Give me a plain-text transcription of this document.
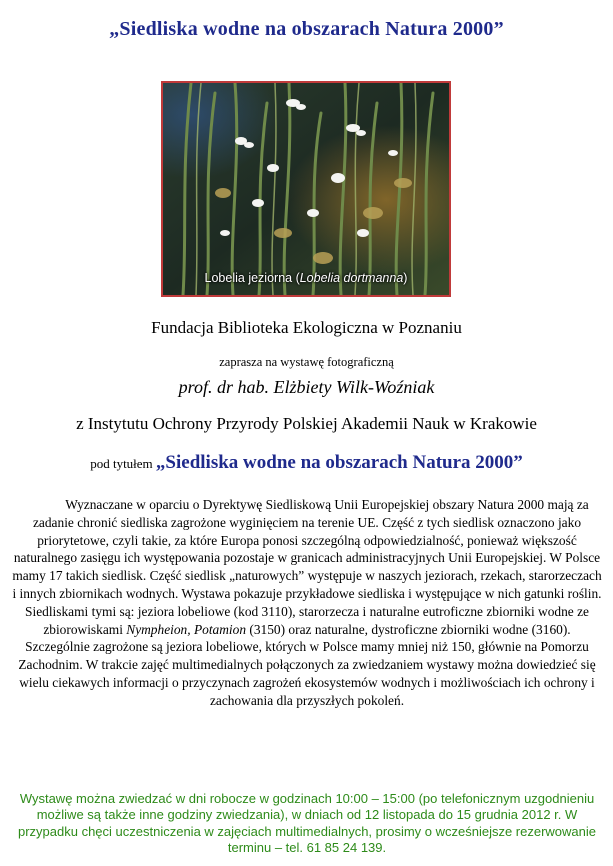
„Siedliska wodne na obszarach Natura 2000”
Lobelia jeziorna (Lobelia dortmanna)
Fundacja Biblioteka Ekologiczna w Poznaniu
zaprasza na wystawę fotograficzną
prof. dr hab. Elżbiety Wilk-Woźniak
z Instytutu Ochrony Przyrody Polskiej Akademii Nauk w Krakowie
pod tytułem „Siedliska wodne na obszarach Natura 2000”
Wyznaczane w oparciu o Dyrektywę Siedliskową Unii Europejskiej obszary Natura 2000 mają za zadanie chronić siedliska zagrożone wyginięciem na terenie UE. Część z tych siedlisk oznaczono jako priorytetowe, czyli takie, za które Europa ponosi szczególną odpowiedzialność, ponieważ większość naturalnego zasięgu ich występowania pozostaje w granicach administracyjnych Unii Europejskiej. W Polsce mamy 17 takich siedlisk. Część siedlisk „naturowych” występuje w naszych jeziorach, rzekach, starorzeczach i innych zbiornikach wodnych. Wystawa pokazuje przykładowe siedliska i występujące w nich gatunki roślin. Siedliskami tymi są: jeziora lobeliowe (kod 3110), starorzecza i naturalne eutroficzne zbiorniki wodne ze zbiorowiskami Nympheion, Potamion (3150) oraz naturalne, dystroficzne zbiorniki wodne (3160). Szczególnie zagrożone są jeziora lobeliowe, których w Polsce mamy mniej niż 150, głównie na Pomorzu Zachodnim. W trakcie zajęć multimedialnych połączonych za zwiedzaniem wystawy można dowiedzieć się wielu ciekawych informacji o przyczynach zagrożeń ekosystemów wodnych i możliwościach ich ochrony i zachowania dla przyszłych pokoleń.
Wystawę można zwiedzać w dni robocze w godzinach 10:00 – 15:00 (po telefonicznym uzgodnieniu możliwe są także inne godziny zwiedzania), w dniach od 12 listopada do 15 grudnia 2012 r. W przypadku chęci uczestniczenia w zajęciach multimedialnych, prosimy o wcześniejsze rezerwowanie terminu – tel. 61 85 24 139.
